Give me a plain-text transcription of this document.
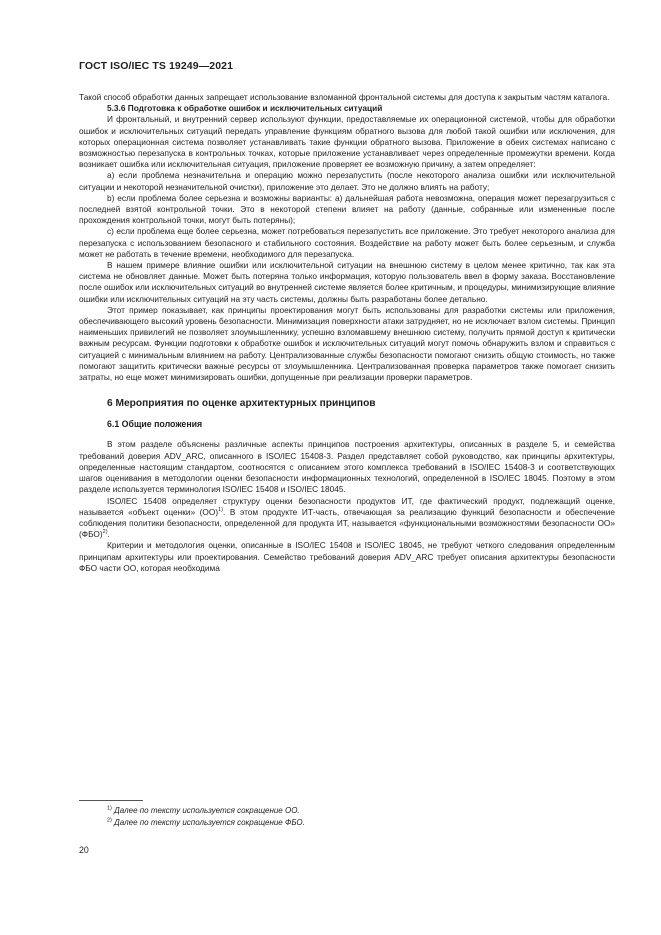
ГОСТ ISO/IEC TS 19249—2021

Такой способ обработки данных запрещает использование взломанной фронтальной системы для доступа к закрытым частям каталога.

5.3.6 Подготовка к обработке ошибок и исключительных ситуаций

И фронтальный, и внутренний сервер используют функции, предоставляемые их операционной системой, чтобы для обработки ошибок и исключительных ситуаций передать управление функциям обратного вызова для любой такой ошибки или исключения, для которых операционная система позволяет устанавливать такие функции обратного вызова. Приложение в обеих системах написано с возможностью перезапуска в контрольных точках, которые приложение устанавливает через определенные промежутки времени. Когда возникает ошибка или исключительная ситуация, приложение проверяет ее возможную причину, а затем определяет:

а) если проблема незначительна и операцию можно перезапустить (после некоторого анализа ошибки или исключительной ситуации и некоторой незначительной очистки), приложение это делает. Это не должно влиять на работу;

b) если проблема более серьезна и возможны варианты: а) дальнейшая работа невозможна, операция может перезагрузиться с последней взятой контрольной точки. Это в некоторой степени влияет на работу (данные, собранные или измененные после прохождения контрольной точки, могут быть потеряны);

c) если проблема еще более серьезна, может потребоваться перезапустить все приложение. Это требует некоторого анализа для перезапуска с использованием безопасного и стабильного состояния. Воздействие на работу может быть более серьезным, и служба может не работать в течение времени, необходимого для перезапуска.

В нашем примере влияние ошибки или исключительной ситуации на внешнюю систему в целом менее критично, так как эта система не обновляет данные. Может быть потеряна только информация, которую пользователь ввел в форму заказа. Восстановление после ошибок или исключительных ситуаций во внутренней системе является более критичным, и процедуры, минимизирующие влияние ошибки или исключительных ситуаций на эту часть системы, должны быть разработаны более детально.

Этот пример показывает, как принципы проектирования могут быть использованы для разработки системы или приложения, обеспечивающего высокий уровень безопасности. Минимизация поверхности атаки затрудняет, но не исключает взлом системы. Принцип наименьших привилегий не позволяет злоумышленнику, успешно взломавшему внешнюю систему, получить прямой доступ к критически важным ресурсам. Функции подготовки к обработке ошибок и исключительных ситуаций могут помочь обнаружить взлом и справиться с ситуацией с минимальным влиянием на работу. Централизованные службы безопасности помогают снизить общую стоимость, но также помогают защитить критически важные ресурсы от злоумышленника. Централизованная проверка параметров также помогает снизить затраты, но еще может минимизировать ошибки, допущенные при реализации проверки параметров.

6 Мероприятия по оценке архитектурных принципов

6.1 Общие положения

В этом разделе объяснены различные аспекты принципов построения архитектуры, описанных в разделе 5, и семейства требований доверия ADV_ARC, описанного в ISO/IEC 15408-3. Раздел представляет собой руководство, как принципы архитектуры, определенные настоящим стандартом, соотносятся с описанием этого комплекса требований в ISO/IEC 15408-3 и соответствующих шагов оценивания в методологии оценки безопасности информационных технологий, определенной в ISO/IEC 18045. Поэтому в этом разделе используется терминология ISO/IEC 15408 и ISO/IEC 18045.

ISO/IEC 15408 определяет структуру оценки безопасности продуктов ИТ, где фактический продукт, подлежащий оценке, называется «объект оценки» (ОО)$^{1)}$. В этом продукте ИТ-часть, отвечающая за реализацию функций безопасности и обеспечение соблюдения политики безопасности, определенной для продукта ИТ, называется «функциональными возможностями безопасности ОО» (ФБО)$^{2)}$.

Критерии и методология оценки, описанные в ISO/IEC 15408 и ISO/IEC 18045, не требуют четкого следования определенным принципам архитектуры или проектирования. Семейство требований доверия ADV_ARC требует описания архитектуры безопасности ФБО части ОО, которая необходима

$^{1)}$ Далее по тексту используется сокращение ОО.

$^{2)}$ Далее по тексту используется сокращение ФБО.

20
